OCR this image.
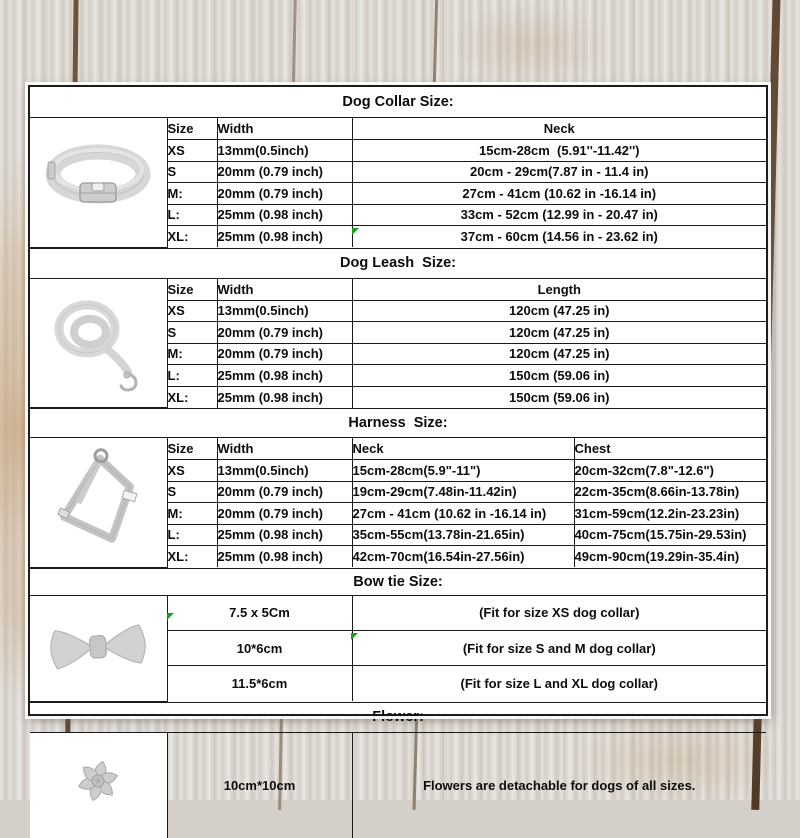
Dog Collar Size:

	Size	Width	Neck
	XS	13mm(0.5inch)	15cm-28cm  (5.91''-11.42'')
	S	20mm (0.79 inch)	20cm - 29cm(7.87 in - 11.4 in)
	M:	20mm (0.79 inch)	27cm - 41cm (10.62 in -16.14 in)
	L:	25mm (0.98 inch)	33cm - 52cm (12.99 in - 20.47 in)
	XL:	25mm (0.98 inch)	37cm - 60cm (14.56 in - 23.62 in)
Dog Leash  Size:

	Size	Width	Length
	XS	13mm(0.5inch)	120cm (47.25 in)
	S	20mm (0.79 inch)	120cm (47.25 in)
	M:	20mm (0.79 inch)	120cm (47.25 in)
	L:	25mm (0.98 inch)	150cm (59.06 in)
	XL:	25mm (0.98 inch)	150cm (59.06 in)
Harness  Size:

	Size	Width	Neck	Chest
	XS	13mm(0.5inch)	15cm-28cm(5.9"-11")	20cm-32cm(7.8"-12.6")
	S	20mm (0.79 inch)	19cm-29cm(7.48in-11.42in)	22cm-35cm(8.66in-13.78in)
	M:	20mm (0.79 inch)	27cm - 41cm (10.62 in -16.14 in)	31cm-59cm(12.2in-23.23in)
	L:	25mm (0.98 inch)	35cm-55cm(13.78in-21.65in)	40cm-75cm(15.75in-29.53in)
	XL:	25mm (0.98 inch)	42cm-70cm(16.54in-27.56in)	49cm-90cm(19.29in-35.4in)
Bow tie Size:

	7.5 x 5Cm	(Fit for size XS dog collar)
	10*6cm	(Fit for size S and M dog collar)
	11.5*6cm	(Fit for size L and XL dog collar)
Flower:

	10cm*10cm	Flowers are detachable for dogs of all sizes.
